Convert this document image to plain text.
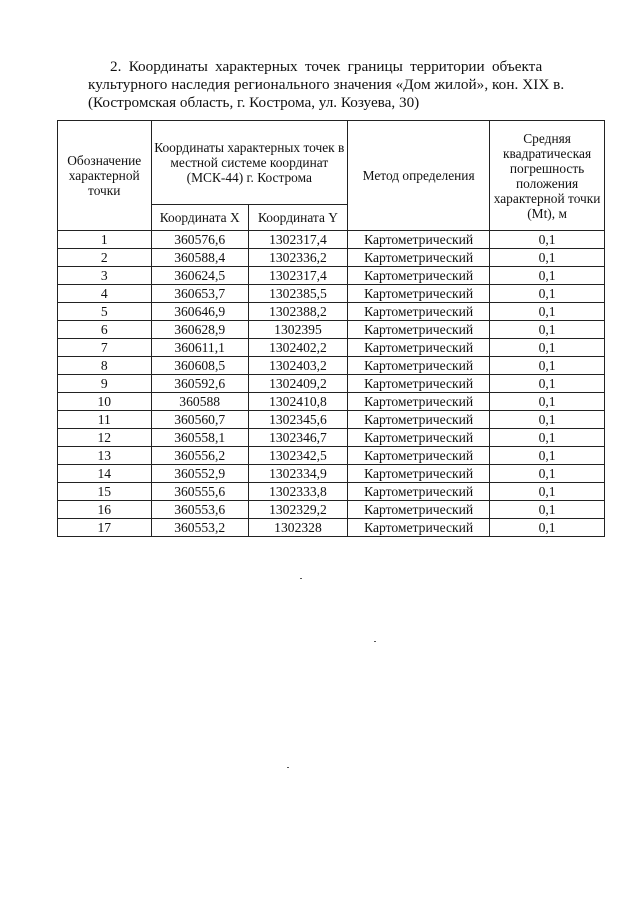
2. Координаты характерных точек границы территории объекта
культурного наследия регионального значения «Дом жилой», кон. XIX в.
(Костромская область, г. Кострома, ул. Козуева, 30)
Обозначение характерной точки	Координаты характерных точек в местной системе координат (МСК-44) г. Кострома		Метод определения	Средняя квадратическая погрешность положения характерной точки (Mt), м
	Координата X	Координата Y		
1	360576,6	1302317,4	Картометрический	0,1
2	360588,4	1302336,2	Картометрический	0,1
3	360624,5	1302317,4	Картометрический	0,1
4	360653,7	1302385,5	Картометрический	0,1
5	360646,9	1302388,2	Картометрический	0,1
6	360628,9	1302395	Картометрический	0,1
7	360611,1	1302402,2	Картометрический	0,1
8	360608,5	1302403,2	Картометрический	0,1
9	360592,6	1302409,2	Картометрический	0,1
10	360588	1302410,8	Картометрический	0,1
11	360560,7	1302345,6	Картометрический	0,1
12	360558,1	1302346,7	Картометрический	0,1
13	360556,2	1302342,5	Картометрический	0,1
14	360552,9	1302334,9	Картометрический	0,1
15	360555,6	1302333,8	Картометрический	0,1
16	360553,6	1302329,2	Картометрический	0,1
17	360553,2	1302328	Картометрический	0,1
